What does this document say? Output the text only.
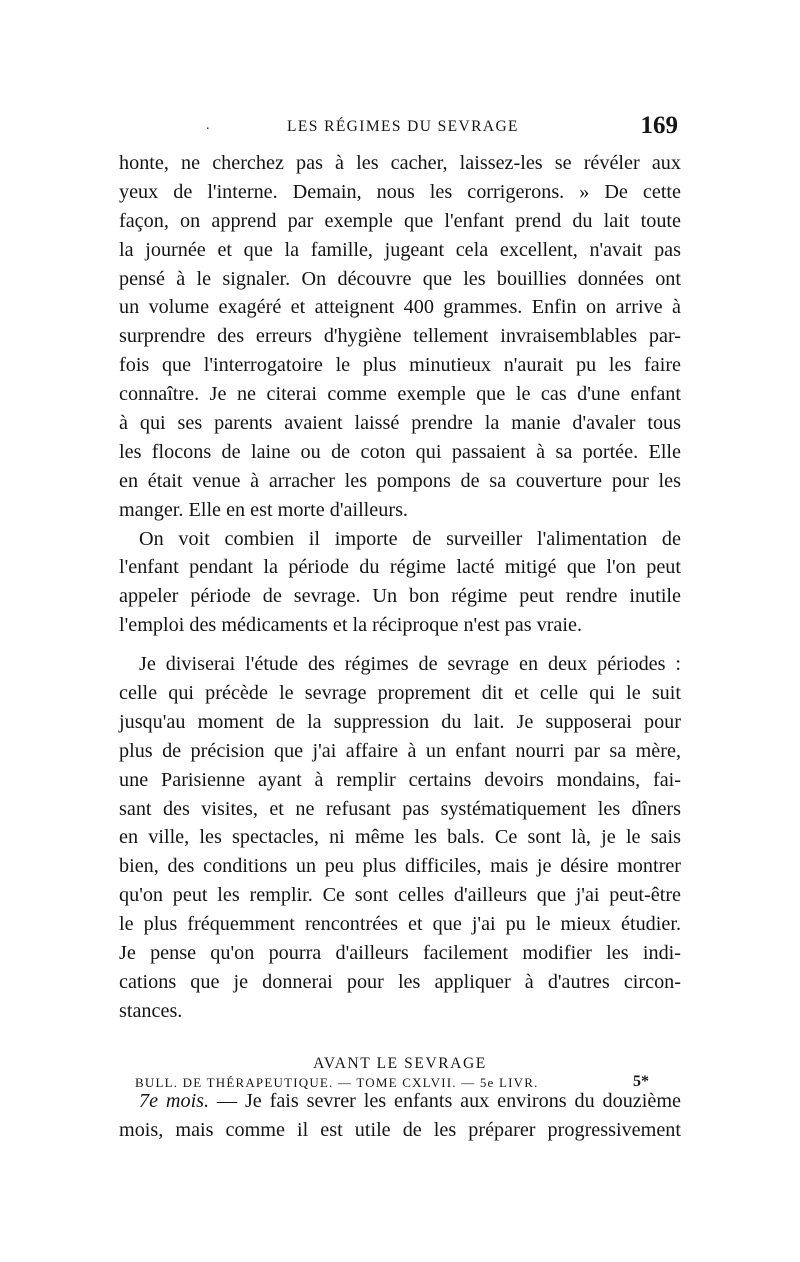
.	LES RÉGIMES DU SEVRAGE	169
honte, ne cherchez pas à les cacher, laissez-les se révéler aux
yeux de l'interne. Demain, nous les corrigerons. » De cette
façon, on apprend par exemple que l'enfant prend du lait toute
la journée et que la famille, jugeant cela excellent, n'avait pas
pensé à le signaler. On découvre que les bouillies données ont
un volume exagéré et atteignent 400 grammes. Enfin on arrive à
surprendre des erreurs d'hygiène tellement invraisemblables par-
fois que l'interrogatoire le plus minutieux n'aurait pu les faire
connaître. Je ne citerai comme exemple que le cas d'une enfant
à qui ses parents avaient laissé prendre la manie d'avaler tous
les flocons de laine ou de coton qui passaient à sa portée. Elle
en était venue à arracher les pompons de sa couverture pour les
manger. Elle en est morte d'ailleurs.
On voit combien il importe de surveiller l'alimentation de
l'enfant pendant la période du régime lacté mitigé que l'on peut
appeler période de sevrage. Un bon régime peut rendre inutile
l'emploi des médicaments et la réciproque n'est pas vraie.
Je diviserai l'étude des régimes de sevrage en deux périodes :
celle qui précède le sevrage proprement dit et celle qui le suit
jusqu'au moment de la suppression du lait. Je supposerai pour
plus de précision que j'ai affaire à un enfant nourri par sa mère,
une Parisienne ayant à remplir certains devoirs mondains, fai-
sant des visites, et ne refusant pas systématiquement les dîners
en ville, les spectacles, ni même les bals. Ce sont là, je le sais
bien, des conditions un peu plus difficiles, mais je désire montrer
qu'on peut les remplir. Ce sont celles d'ailleurs que j'ai peut-être
le plus fréquemment rencontrées et que j'ai pu le mieux étudier.
Je pense qu'on pourra d'ailleurs facilement modifier les indi-
cations que je donnerai pour les appliquer à d'autres circon-
stances.
AVANT LE SEVRAGE
7e mois. — Je fais sevrer les enfants aux environs du douzième
mois, mais comme il est utile de les préparer progressivement
BULL. DE THÉRAPEUTIQUE. — TOME CXLVII. — 5e LIVR.	5*
